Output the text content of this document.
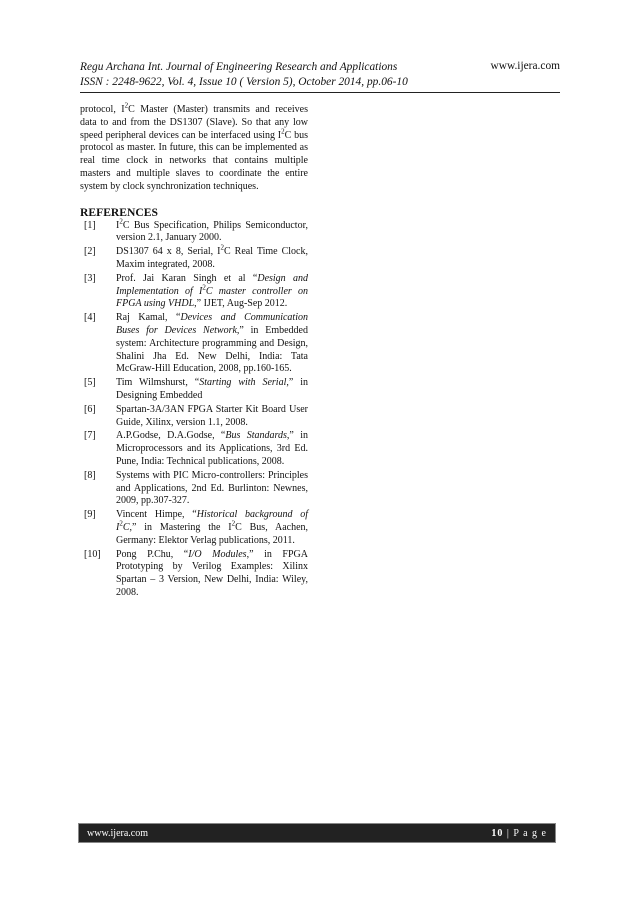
Regu Archana Int. Journal of Engineering Research and Applications	www.ijera.com
ISSN : 2248-9622, Vol. 4, Issue 10 ( Version 5), October 2014, pp.06-10

protocol, $I^2C$ Master (Master) transmits and receives data to and from the DS1307 (Slave). So that any low speed peripheral devices can be interfaced using $I^2C$ bus protocol as master. In future, this can be implemented as real time clock in networks that contains multiple masters and multiple slaves to coordinate the entire system by clock synchronization techniques.

REFERENCES
[1]	$I^2C$ Bus Specification, Philips Semiconductor, version 2.1, January 2000.
[2]	DS1307 64 x 8, Serial, $I^2C$ Real Time Clock, Maxim integrated, 2008.
[3]	Prof. Jai Karan Singh et al “Design and Implementation of $I^2C$ master controller on FPGA using VHDL,” IJET, Aug-Sep 2012.
[4]	Raj Kamal, “Devices and Communication Buses for Devices Network,” in Embedded system: Architecture programming and Design, Shalini Jha Ed. New Delhi, India: Tata McGraw-Hill Education, 2008, pp.160-165.
[5]	Tim Wilmshurst, “Starting with Serial,” in Designing Embedded
[6]	Spartan-3A/3AN FPGA Starter Kit Board User Guide, Xilinx, version 1.1, 2008.
[7]	A.P.Godse, D.A.Godse, “Bus Standards,” in Microprocessors and its Applications, 3rd Ed. Pune, India: Technical publications, 2008.
[8]	Systems with PIC Micro-controllers: Principles and Applications, 2nd Ed. Burlinton: Newnes, 2009, pp.307-327.
[9]	Vincent Himpe, “Historical background of $I^2C$,” in Mastering the $I^2C$ Bus, Aachen, Germany: Elektor Verlag publications, 2011.
[10]	Pong P.Chu, “I/O Modules,” in FPGA Prototyping by Verilog Examples: Xilinx Spartan – 3 Version, New Delhi, India: Wiley, 2008.
www.ijera.com	10 | P a g e
